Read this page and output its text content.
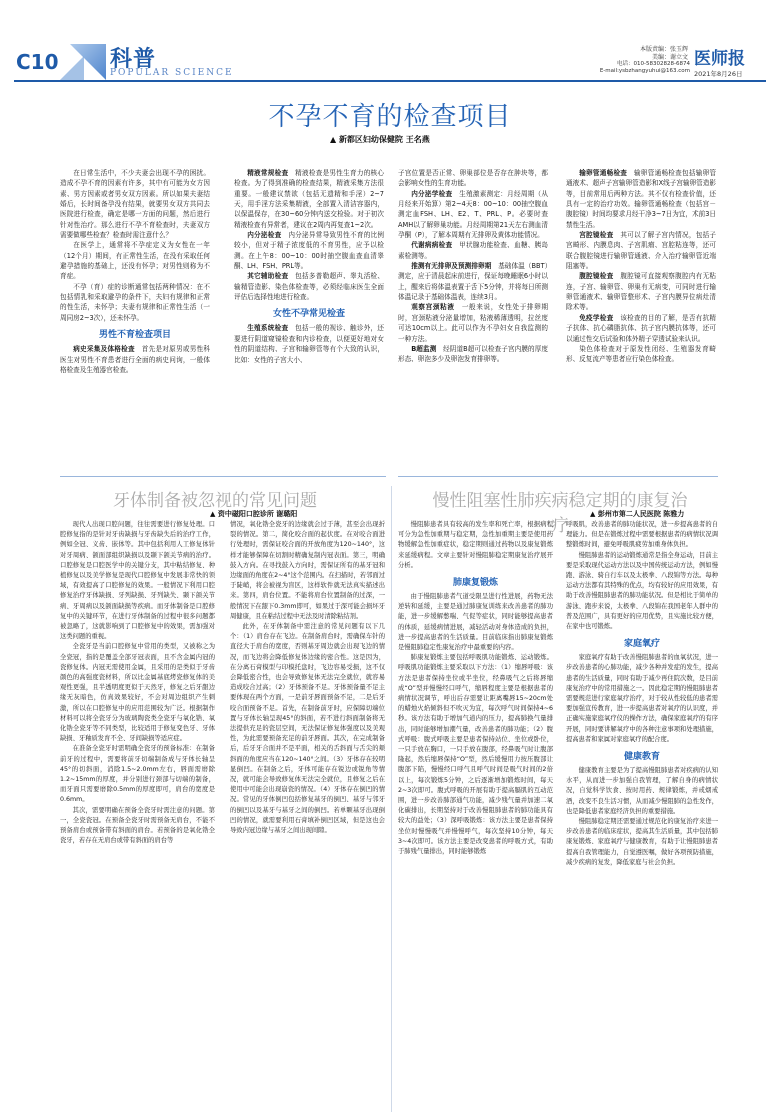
C10 科普
POPULAR SCIENCE
本版责编：张玉辉
美编：谢立文
电话：010-58302828-6874
E-mail:ysbzhangyuhui@163.com
医师报
2021年8月26日
不孕不育的检查项目
▲ 新都区妇幼保健院 王名燕

在日常生活中，不少夫妻会出现不孕的困扰。造成不孕不育的因素有许多，其中有可能为女方因素、男方因素或者男女双方因素。所以如果夫妻结婚后，长时间备孕没有结果，就要男女双方共同去医院进行检查，确定是哪一方面的问题，然后进行针对性治疗。那么进行不孕不育检查时，夫妻双方需要做哪些检查？检查时需注意什么？

在医学上，通常将不孕症定义为女性在一年（12个月）期间，有正常性生活，在没有采取任何避孕措施的基础上，还没有怀孕；对男性则称为不育症。

不孕（育）症的诊断通常包括两种情况：在不包括情乳和采取避孕的条件下，夫妇有规律和正常的性生活，未怀孕；夫妻有规律和正常性生活（一周同房2~3次），还未怀孕。

男性不育检查项目

病史采集及体格检查　 首先是对原男或男性科医生对男性不育患者进行全面的病史问询，一般体格检查及生殖器官检查。

精液常规检查　 精液检查是男性生育力的核心检查。为了得到准确的检查结果，精液采集方法很重要。一般建议禁欲（包括无遗精和手淫）2~7天，用手淫方法采集精液，全部置入清洁容器内，以保温保存，在30~60分钟内送交检验。对于初次精液检查有异常者，建议在2周内再复查1~2次。

内分泌检查　 内分泌异常导致男性不育的比例较小，但对于精子浓度低的不育男性，应予以检测。在上午8：00~10：00时抽空腹血查血清睾酮、LH、FSH、PRL等。

其它辅助检查　 包括多普勒超声、睾丸活检、输精管造影、染色体检查等，必须经临床医生全面评估后选择性地进行检查。

女性不孕常见检查

生殖系统检查　 包括一般的视诊、触诊外，还要进行阴道窥镜检查和内诊检查，以便更好地对女性的阴道结构、子宫和输卵管等有个大致的认识，比如：女性的子宫大小、

子宫位置是否正常、卵巢部位是否存在肿块等，都会影响女性的生育功能。

内分泌学检查　 生殖激素测定：月经周期（从月经来开始算）第2~4天8：00~10：00抽空腹血测定血FSH、LH、E2、T、PRL、P。必要时查AMH以了解卵巢功能。月经周期第21天左右测血清孕酮（P），了解本周期有无排卵及黄体功能情况。

代谢病病检查　 甲状腺功能检查、血糖、胰岛素检测等。

推测有无排卵及预测排卵期　 基础体温（BBT）测定，应于清晨起床前进行，保证每晚睡眠6小时以上，醒来后将体温表置于舌下5分钟，并将每日所测体温记录于基础体温表，连续3月。

观察宫颈粘液　 一般来说，女性处于排卵期时，宫颈粘液分泌量增加，粘液稀薄透明，拉丝度可达10cm以上。此可以作为不孕妇女自我监测的一种方法。

B超监测　 经阴道B超可以检查子宫内膜的厚度形态、卵泡多少及卵泡发育排卵等。

输卵管通畅检查　 输卵管通畅检查包括输卵管通液术、超声子宫输卵管造影和X线子宫输卵管造影等，目前常用后两种方法。其不仅有检查价值，还具有一定的治疗功效。输卵管通畅检查（包括宫－腹腔镜）时间均要求月经干净3~7日为宜，术前3日禁性生活。

宫腔镜检查　 其可以了解子宫内情况，包括子宫畸形、内膜息肉、子宫肌瘤、宫腔粘连等，还可联合腹腔镜进行输卵管通液、介入治疗输卵管近端阻塞等。

腹腔镜检查　 腹腔镜可直接观察腹腔内有无粘连，子宫、输卵管、卵巢有无病变，可同时进行输卵管通液术、输卵管整形术、子宫内膜异位病灶清除术等。

免疫学检查　 该检查的目的了解，是否有抗精子抗体、抗心磷脂抗体、抗子宫内膜抗体等，还可以通过性交后试验和体外精子穿透试验来认识。

染色体检查对于原发性闭经、生殖器发育畸形、反复流产等患者应行染色体检查。

牙体制备被忽视的常见问题
▲ 资中磁阳口腔诊所 谢璐阳

现代人出现口腔问题，往往需要进行修复处理。口腔修复指的是针对牙齿缺损与牙齿缺失后的治疗工作，例如全冠、义齿、嵌体等。其中包括利用人工修复体针对牙周病、颌面部组织缺损以及颞下颌关节病的治疗。口腔修复是口腔医学中的关键分支，其中粘结修复、种植修复以及美学修复是现代口腔修复中发展非常快的领域，有效提高了口腔修复的效果。一般情况下利用口腔修复治疗牙体缺损、牙列缺损、牙列缺失、颞下颌关节病、牙周病以及颌面缺损等疾病。而牙体制备是口腔修复中的关键环节，在进行牙体制备的过程中很多问题都被忽略了，这就影响到了口腔修复中的效果，需加强对这类问题的重视。

全瓷牙是当前口腔修复中常用的类型，又被称之为全瓷冠，指的是覆盖全部牙冠表面，且不含金属内冠的瓷修复体。内冠无需使用金属，且采用的是类似于牙齿颜色的高强度瓷材料，所以比金属基底烤瓷修复体的美观性更强，且半透明度更似于天然牙，修复之后牙龈边缘无灰暗色，仿真效果较好，不会对周边组织产生刺激，所以在口腔修复中的应用范围较为广泛。根据制作材料可以将全瓷牙分为玻璃陶瓷类全瓷牙与氧化锆、氧化锆全瓷牙等不同类型，比较适用于修复变色牙、牙体缺损、牙釉质发育不全、牙间缺损等适应症。

在准备全瓷牙时需明确全瓷牙的预备标准：在制备前牙的过程中，需要将前牙切端制备成与牙体长轴呈45°的切斜面，消除1.5~2.0mm左右，唇面需磨除1.2~15mm的厚度，并分别进行颈部与切端的制备，而牙面只需要磨除0.5mm的厚度即可，肩台的宽度是0.6mm。

其次，需要明确在预备全瓷牙时需注意的问题。第一，全瓷瓷冠。在预备全瓷牙时需预备无肩台，不能不预备肩台或预备带有斜面的肩台。若预备的是氧化锆全瓷牙，若存在无肩台或带有斜面的肩台等

情况，氧化锆全瓷牙的边缘就会过于薄，甚至会出现折裂的情况。第二，简化咬合面的起伏度。在对咬合面进行处理时，需保证咬合面的开放角度为120~140°，这样才能够保障在切割时精确复制内冠表面。第三，明确鼓入方向。在寻找鼓入方向时，需保证所有的基牙冠和边缘面的角度在2~4°这个范围内。在扫描时，若邻面过于陡峭，将会被视为盲区，这样软件就无法真实描述出来。第四，肩台位置。不能将肩台位置制备的过深，一般情况下在龈下0.3mm即可，如果过于深可能会损坏牙周健康，且在粘结过程中无法及时清除粘结剂。

此外，在牙体制备中需注意的常见问题有以下几个：（1）肩台存在飞边。在制备肩台时，需确保车针的直径大于肩台的宽度，否则基牙周边就会出现飞边的情况，而飞边将会降低修复体边缘的密合性。这是因为，在分离石膏模型与印模托盘时，飞边容易受损，这不仅会降低密合性，也会导致修复体无法完全就位，就容易造成咬合过高；（2）牙体预备不足。牙体预备量不足主要体现在两个方面，一是前牙唇面预备不足，二是后牙咬合面预备不足。首先，在制备前牙时，应保障切端位置与牙体长轴呈现45°的斜面，若不进行斜面制备将无法提供充足的瓷层空间，无法保证修复体强度以及美观性，为此需要预备充足的前牙唇面。其次，在完成制备后，后牙牙合面并不是平面，相关的舌斜面与舌尖的颊斜面的角度应当在120~140°之间。（3）牙体存在较明显倒凹。在制备之后，牙体可能存在锐边或锐角等情况，就可能会导致修复体无法完全就位，且修复之后在使用中可能会出现崩瓷的情况。（4）牙体存在倒凹的情况。常见的牙体倒凹包括修复基牙的倒凹、基牙与邻牙的倒凹以及基牙与基牙之间的倒凹。若单颗基牙出现倒凹的情况，就需要利用石膏填补倒凹区域，但是这也会导致内冠边缘与基牙之间出现间隙。

慢性阻塞性肺疾病稳定期的康复治疗
▲ 彭州市第二人民医院 陈雅力

慢阻肺患者具有较高的发生率和死亡率，根据病程可分为急性加重期与稳定期，急性加重期主要是使用药物缓解急性加重症状，稳定期则通过药物以及康复锻炼来延缓病程。文章主要针对慢阻肺稳定期康复治疗展开分析。

肺康复锻炼

由于慢阻肺患者气道受限呈进行性进展，药物无法逆转和延缓，主要是通过肺康复训练来改善患者的肺功能，进一步缓解憋喘、气促等症状，同时能够提高患者的体质，延缓病情进展，减轻活动对身体造成的负担，进一步提高患者的生活质量。目前临床指出肺康复锻炼是慢阻肺稳定性康复治疗中最重要的内容。

肺康复锻炼主要包括呼吸肌功能锻炼、运动锻炼。呼吸肌功能锻炼主要采取以下方法：（1）缩唇呼吸：该方法是患者保持坐位或半坐位，经鼻吸气之后将唇缩成“O”型并慢慢经口呼气，缩唇程度主要是根据患者的病情状况调节，呼出后存需要让距离嘴唇15~20cm处的蜡烛火焰倾斜但不吹灭为宜，每次呼气时间保持4~6秒。该方法有助于增加气道内的压力，提高肺换气量排出，同时能够增加潮气量，改善患者的肺功能；（2）腹式呼吸：腹式呼吸主要是患者保持站位、坐位或卧位，一只手放在胸口，一只手放在腹部，经鼻吸气时让腹部隆起，然后缩唇保持“O”型，然后缓慢用力按压腹部让腹部下陷，慢慢经口呼气且呼气时间是吸气时间的2倍以上，每次锻炼5分钟，之后逐渐增加锻炼时间，每天2~3次即可。腹式呼吸的开展有助于提高膈肌的互动范围，进一步改善肺部通气功能，减少残气量并加速二氧化碳排出，长期坚持对于改善慢阻肺患者的肺功能具有较大的益处；（3）深呼吸锻炼：该方法主要是患者保持坐位时慢慢吸气并慢慢呼气，每次坚持10分钟，每天3~4次即可。该方法主要是改变患者的呼吸方式，有助于肺残气量排出，同时能够锻炼

呼吸肌，改善患者的肺功能状况，进一步提高患者的自理能力。但是在锻炼过程中需要根据患者的病情状况调整锻炼时间，避免呼吸肌疲劳加重身体负担。

慢阻肺患者的运动锻炼通常是指全身运动，目前主要是采取现代运动方法以及中国传统运动方法，例如慢跑、游泳、骑自行车以及太极拳、八段锦等方法。每种运动方法都有其特殊的优点，均有较好的应用效果，有助于改善慢阻肺患者的肺功能状况。但是相比于简单的游泳、跑步来说，太极拳、八段锦在我国老年人群中的普及范围广，具有更好的应用优势，且实施比较方便，在家中也可锻炼。

家庭氧疗

家庭氧疗有助于改善慢阻肺患者的血氧状况，进一步改善患者的心肺功能，减少各种并发症的发生，提高患者的生活质量，同时有助于减少再住院次数，是目前康复治疗中的常用措施之一。因此稳定期的慢阻肺患者需要规范进行家庭氧疗治疗，对于较从性较低的患者需要加强宣传教育，进一步提高患者对氧疗的认识度，并正确实施家庭氧疗仪的操作方法，确保家庭氧疗的有序开展，同时要讲解氧疗中的各种注意事项和处理措施，提高患者和家属对家庭氧疗的配合度。

健康教育

健康教育主要是为了提高慢阻肺患者对疾病的认知水平，从而进一步加强自我管理，了解自身的病情状况，自觉科学饮食、按时用药、规律锻炼，并戒烟戒酒，改变不良生活习惯，从而减少慢阻肺的急性发作，也是降低患者家庭经济负担的重要措施。

慢阻肺稳定期还需要通过规范化的康复治疗来进一步改善患者的临床症状，提高其生活质量，其中包括肺康复锻炼、家庭氧疗与健康教育，有助于让慢阻肺患者提高自我管理能力，自觉遵医嘱，做好各项预防措施，减少疾病的复发，降低家庭与社会负担。
